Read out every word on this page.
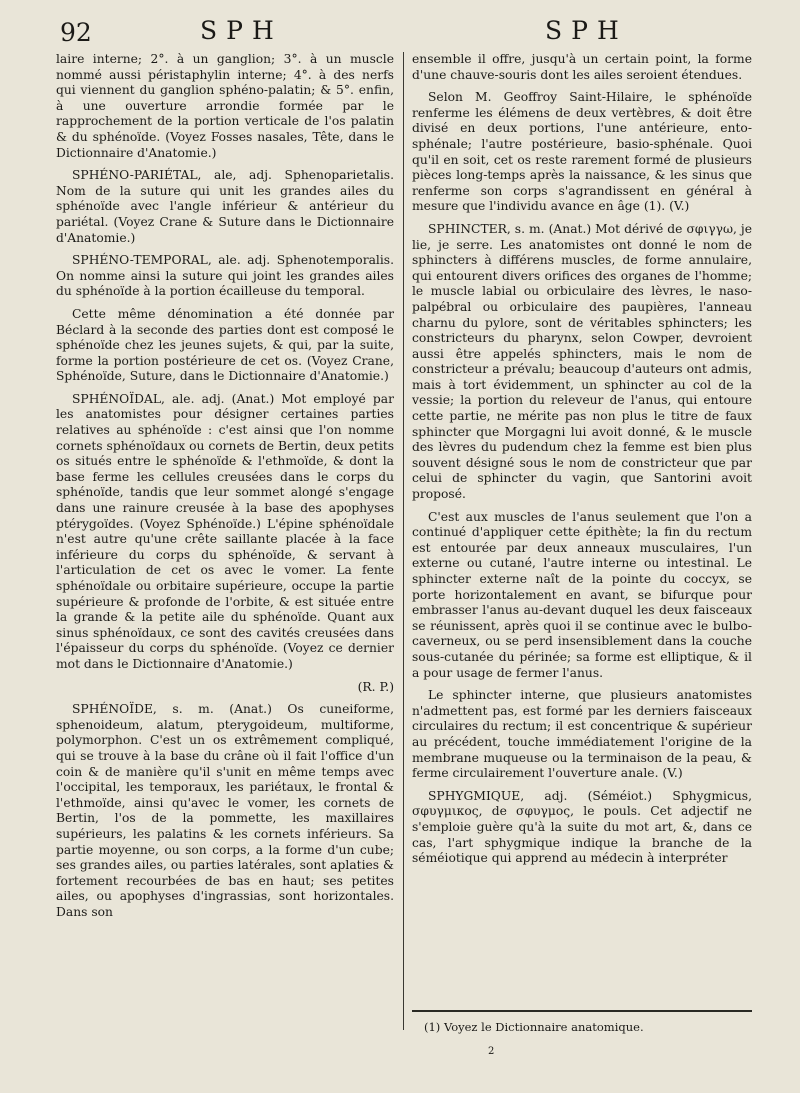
92	SPH	SPH

laire interne; 2°. à un ganglion; 3°. à un muscle nommé aussi péristaphylin interne; 4°. à des nerfs qui viennent du ganglion sphéno-palatin; & 5°. enfin, à une ouverture arrondie formée par le rapprochement de la portion verticale de l'os palatin & du sphénoïde. (Voyez Fosses nasales, Tête, dans le Dictionnaire d'Anatomie.)

SPHÉNO-PARIÉTAL, ale, adj. Sphenoparietalis. Nom de la suture qui unit les grandes ailes du sphénoïde avec l'angle inférieur & antérieur du pariétal. (Voyez Crane & Suture dans le Dictionnaire d'Anatomie.)

SPHÉNO-TEMPORAL, ale. adj. Sphenotemporalis. On nomme ainsi la suture qui joint les grandes ailes du sphénoïde à la portion écailleuse du temporal.

Cette même dénomination a été donnée par Béclard à la seconde des parties dont est composé le sphénoïde chez les jeunes sujets, & qui, par la suite, forme la portion postérieure de cet os. (Voyez Crane, Sphénoïde, Suture, dans le Dictionnaire d'Anatomie.)

SPHÉNOÏDAL, ale. adj. (Anat.) Mot employé par les anatomistes pour désigner certaines parties relatives au sphénoïde : c'est ainsi que l'on nomme cornets sphénoïdaux ou cornets de Bertin, deux petits os situés entre le sphénoïde & l'ethmoïde, & dont la base ferme les cellules creusées dans le corps du sphénoïde, tandis que leur sommet alongé s'engage dans une rainure creusée à la base des apophyses ptérygoïdes. (Voyez Sphénoïde.) L'épine sphénoïdale n'est autre qu'une crête saillante placée à la face inférieure du corps du sphénoïde, & servant à l'articulation de cet os avec le vomer. La fente sphénoïdale ou orbitaire supérieure, occupe la partie supérieure & profonde de l'orbite, & est située entre la grande & la petite aile du sphénoïde. Quant aux sinus sphénoïdaux, ce sont des cavités creusées dans l'épaisseur du corps du sphénoïde. (Voyez ce dernier mot dans le Dictionnaire d'Anatomie.)

(R. P.)

SPHÉNOÏDE, s. m. (Anat.) Os cuneiforme, sphenoideum, alatum, pterygoideum, multiforme, polymorphon. C'est un os extrêmement compliqué, qui se trouve à la base du crâne où il fait l'office d'un coin & de manière qu'il s'unit en même temps avec l'occipital, les temporaux, les pariétaux, le frontal & l'ethmoïde, ainsi qu'avec le vomer, les cornets de Bertin, l'os de la pommette, les maxillaires supérieurs, les palatins & les cornets inférieurs. Sa partie moyenne, ou son corps, a la forme d'un cube; ses grandes ailes, ou parties latérales, sont aplaties & fortement recourbées de bas en haut; ses petites ailes, ou apophyses d'ingrassias, sont horizontales. Dans son

ensemble il offre, jusqu'à un certain point, la forme d'une chauve-souris dont les ailes seroient étendues.

Selon M. Geoffroy Saint-Hilaire, le sphénoïde renferme les élémens de deux vertèbres, & doit être divisé en deux portions, l'une antérieure, ento-sphénale; l'autre postérieure, basio-sphénale. Quoi qu'il en soit, cet os reste rarement formé de plusieurs pièces long-temps après la naissance, & les sinus que renferme son corps s'agrandissent en général à mesure que l'individu avance en âge (1). (V.)

SPHINCTER, s. m. (Anat.) Mot dérivé de σφιγγω, je lie, je serre. Les anatomistes ont donné le nom de sphincters à différens muscles, de forme annulaire, qui entourent divers orifices des organes de l'homme; le muscle labial ou orbiculaire des lèvres, le naso-palpébral ou orbiculaire des paupières, l'anneau charnu du pylore, sont de véritables sphincters; les constricteurs du pharynx, selon Cowper, devroient aussi être appelés sphincters, mais le nom de constricteur a prévalu; beaucoup d'auteurs ont admis, mais à tort évidemment, un sphincter au col de la vessie; la portion du releveur de l'anus, qui entoure cette partie, ne mérite pas non plus le titre de faux sphincter que Morgagni lui avoit donné, & le muscle des lèvres du pudendum chez la femme est bien plus souvent désigné sous le nom de constricteur que par celui de sphincter du vagin, que Santorini avoit proposé.

C'est aux muscles de l'anus seulement que l'on a continué d'appliquer cette épithète; la fin du rectum est entourée par deux anneaux musculaires, l'un externe ou cutané, l'autre interne ou intestinal. Le sphincter externe naît de la pointe du coccyx, se porte horizontalement en avant, se bifurque pour embrasser l'anus au-devant duquel les deux faisceaux se réunissent, après quoi il se continue avec le bulbo-caverneux, ou se perd insensiblement dans la couche sous-cutanée du périnée; sa forme est elliptique, & il a pour usage de fermer l'anus.

Le sphincter interne, que plusieurs anatomistes n'admettent pas, est formé par les derniers faisceaux circulaires du rectum; il est concentrique & supérieur au précédent, touche immédiatement l'origine de la membrane muqueuse ou la terminaison de la peau, & ferme circulairement l'ouverture anale. (V.)

SPHYGMIQUE, adj. (Séméiot.) Sphygmicus, σφυγμικος, de σφυγμος, le pouls. Cet adjectif ne s'emploie guère qu'à la suite du mot art, &, dans ce cas, l'art sphygmique indique la branche de la séméiotique qui apprend au médecin à interpréter

(1) Voyez le Dictionnaire anatomique.
2
